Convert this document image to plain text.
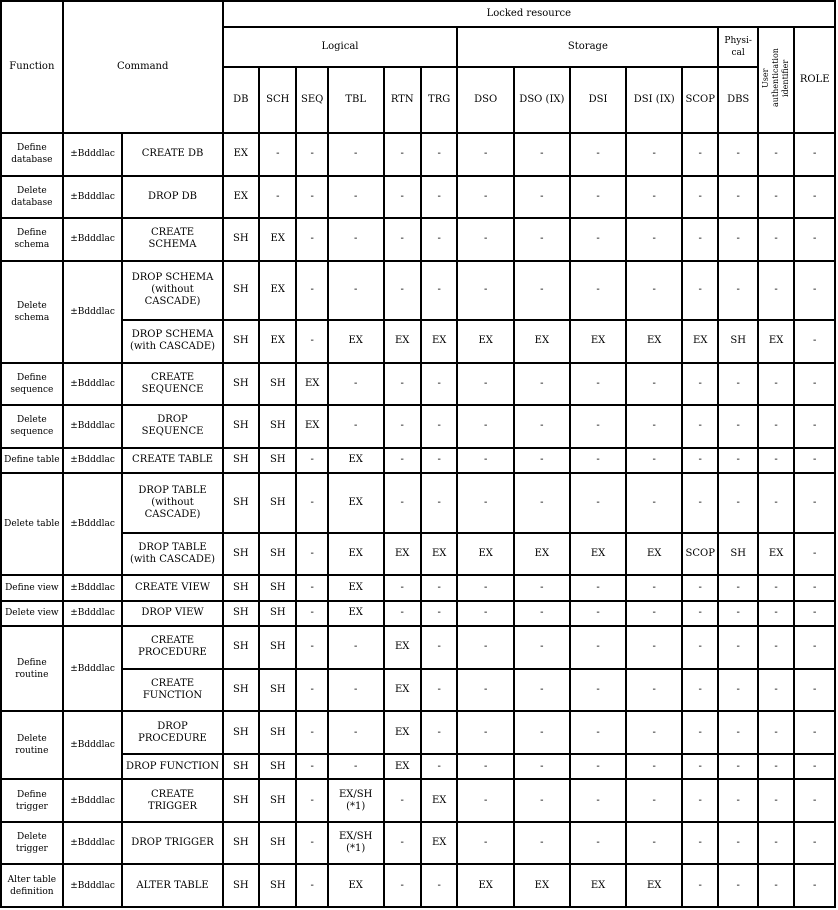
Function	Command		Locked resource													
			Logical						Storage					Physi-cal	User authentication identifier	ROLE
			DB	SCH	SEQ	TBL	RTN	TRG	DSO	DSO (IX)	DSI	DSI (IX)	SCOP	DBS		
Define database	±Bdddlac	CREATE DB	EX	-	-	-	-	-	-	-	-	-	-	-	-	-
Delete database	±Bdddlac	DROP DB	EX	-	-	-	-	-	-	-	-	-	-	-	-	-
Define schema	±Bdddlac	CREATE SCHEMA	SH	EX	-	-	-	-	-	-	-	-	-	-	-	-
Delete schema	±Bdddlac	DROP SCHEMA (without CASCADE)	SH	EX	-	-	-	-	-	-	-	-	-	-	-	-
		DROP SCHEMA (with CASCADE)	SH	EX	-	EX	EX	EX	EX	EX	EX	EX	EX	SH	EX	-
Define sequence	±Bdddlac	CREATE SEQUENCE	SH	SH	EX	-	-	-	-	-	-	-	-	-	-	-
Delete sequence	±Bdddlac	DROP SEQUENCE	SH	SH	EX	-	-	-	-	-	-	-	-	-	-	-
Define table	±Bdddlac	CREATE TABLE	SH	SH	-	EX	-	-	-	-	-	-	-	-	-	-
Delete table	±Bdddlac	DROP TABLE (without CASCADE)	SH	SH	-	EX	-	-	-	-	-	-	-	-	-	-
		DROP TABLE (with CASCADE)	SH	SH	-	EX	EX	EX	EX	EX	EX	EX	SCOP	SH	EX	-
Define view	±Bdddlac	CREATE VIEW	SH	SH	-	EX	-	-	-	-	-	-	-	-	-	-
Delete view	±Bdddlac	DROP VIEW	SH	SH	-	EX	-	-	-	-	-	-	-	-	-	-
Define routine	±Bdddlac	CREATE PROCEDURE	SH	SH	-	-	EX	-	-	-	-	-	-	-	-	-
		CREATE FUNCTION	SH	SH	-	-	EX	-	-	-	-	-	-	-	-	-
Delete routine	±Bdddlac	DROP PROCEDURE	SH	SH	-	-	EX	-	-	-	-	-	-	-	-	-
		DROP FUNCTION	SH	SH	-	-	EX	-	-	-	-	-	-	-	-	-
Define trigger	±Bdddlac	CREATE TRIGGER	SH	SH	-	EX/SH (*1)	-	EX	-	-	-	-	-	-	-	-
Delete trigger	±Bdddlac	DROP TRIGGER	SH	SH	-	EX/SH (*1)	-	EX	-	-	-	-	-	-	-	-
Alter table definition	±Bdddlac	ALTER TABLE	SH	SH	-	EX	-	-	EX	EX	EX	EX	-	-	-	-
